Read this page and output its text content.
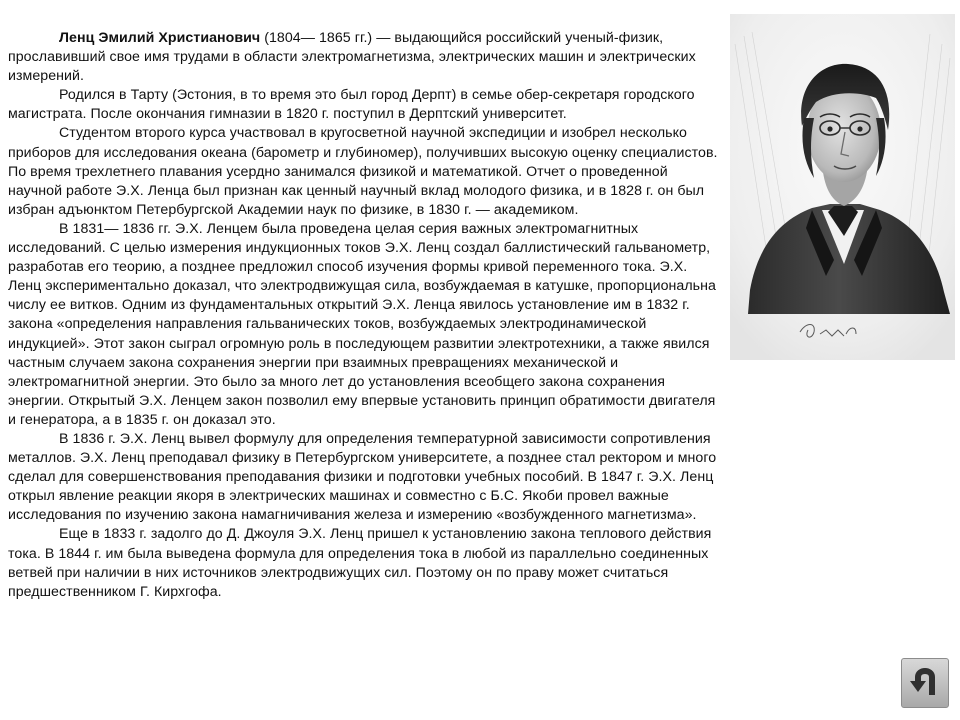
Ленц Эмилий Христианович (1804— 1865 гг.) — выдающийся российский ученый-физик, прославивший свое имя трудами в области электромагнетизма, электрических машин и электрических измерений.

Родился в Тарту (Эстония, в то время это был город Дерпт) в семье обер-секретаря городского магистрата. После окончания гимназии в 1820 г. поступил в Дерптский университет.

Студентом второго курса участвовал в кругосветной научной экспедиции и изобрел несколько приборов для исследования океана (барометр и глубиномер), получивших высокую оценку специалистов. По время трехлетнего плавания усердно занимался физикой и математикой. Отчет о проведенной научной работе Э.Х. Ленца был признан как ценный научный вклад молодого физика, и в 1828 г. он был избран адъюнктом Петербургской Академии наук по физике, в 1830 г. — академиком.

В 1831— 1836 гг. Э.Х. Ленцем была проведена целая серия важных электромагнитных исследований. С целью измерения индукционных токов Э.Х. Ленц создал баллистический гальванометр, разработав его теорию, а позднее предложил способ изучения формы кривой переменного тока. Э.Х. Ленц экспериментально доказал, что электродвижущая сила, возбуждаемая в катушке, пропорциональна числу ее витков. Одним из фундаментальных открытий Э.Х. Ленца явилось установление им в 1832 г. закона «определения направления гальванических токов, возбуждаемых электродинамической индукцией». Этот закон сыграл огромную роль в последующем развитии электротехники, а также явился частным случаем закона сохранения энергии при взаимных превращениях механической и электромагнитной энергии. Это было за много лет до установления всеобщего закона сохранения энергии. Открытый Э.Х. Ленцем закон позволил ему впервые установить принцип обратимости двигателя и генератора, а в 1835 г. он доказал это.

В 1836 г. Э.Х. Ленц вывел формулу для определения температурной зависимости сопротивления металлов. Э.Х. Ленц преподавал физику в Петербургском университете, а позднее стал ректором и много сделал для совершенствования преподавания физики и подготовки учебных пособий. В 1847 г. Э.Х. Ленц открыл явление реакции якоря в электрических машинах и совместно с Б.С. Якоби провел важные исследования по изучению закона намагничивания железа и измерению «возбужденного магнетизма».

Еще в 1833 г. задолго до Д. Джоуля Э.Х. Ленц пришел к установлению закона теплового действия тока. В 1844 г. им была выведена формула для определения тока в любой из параллельно соединенных ветвей при наличии в них источников электродвижущих сил. Поэтому он по праву может считаться предшественником Г. Кирхгофа.
